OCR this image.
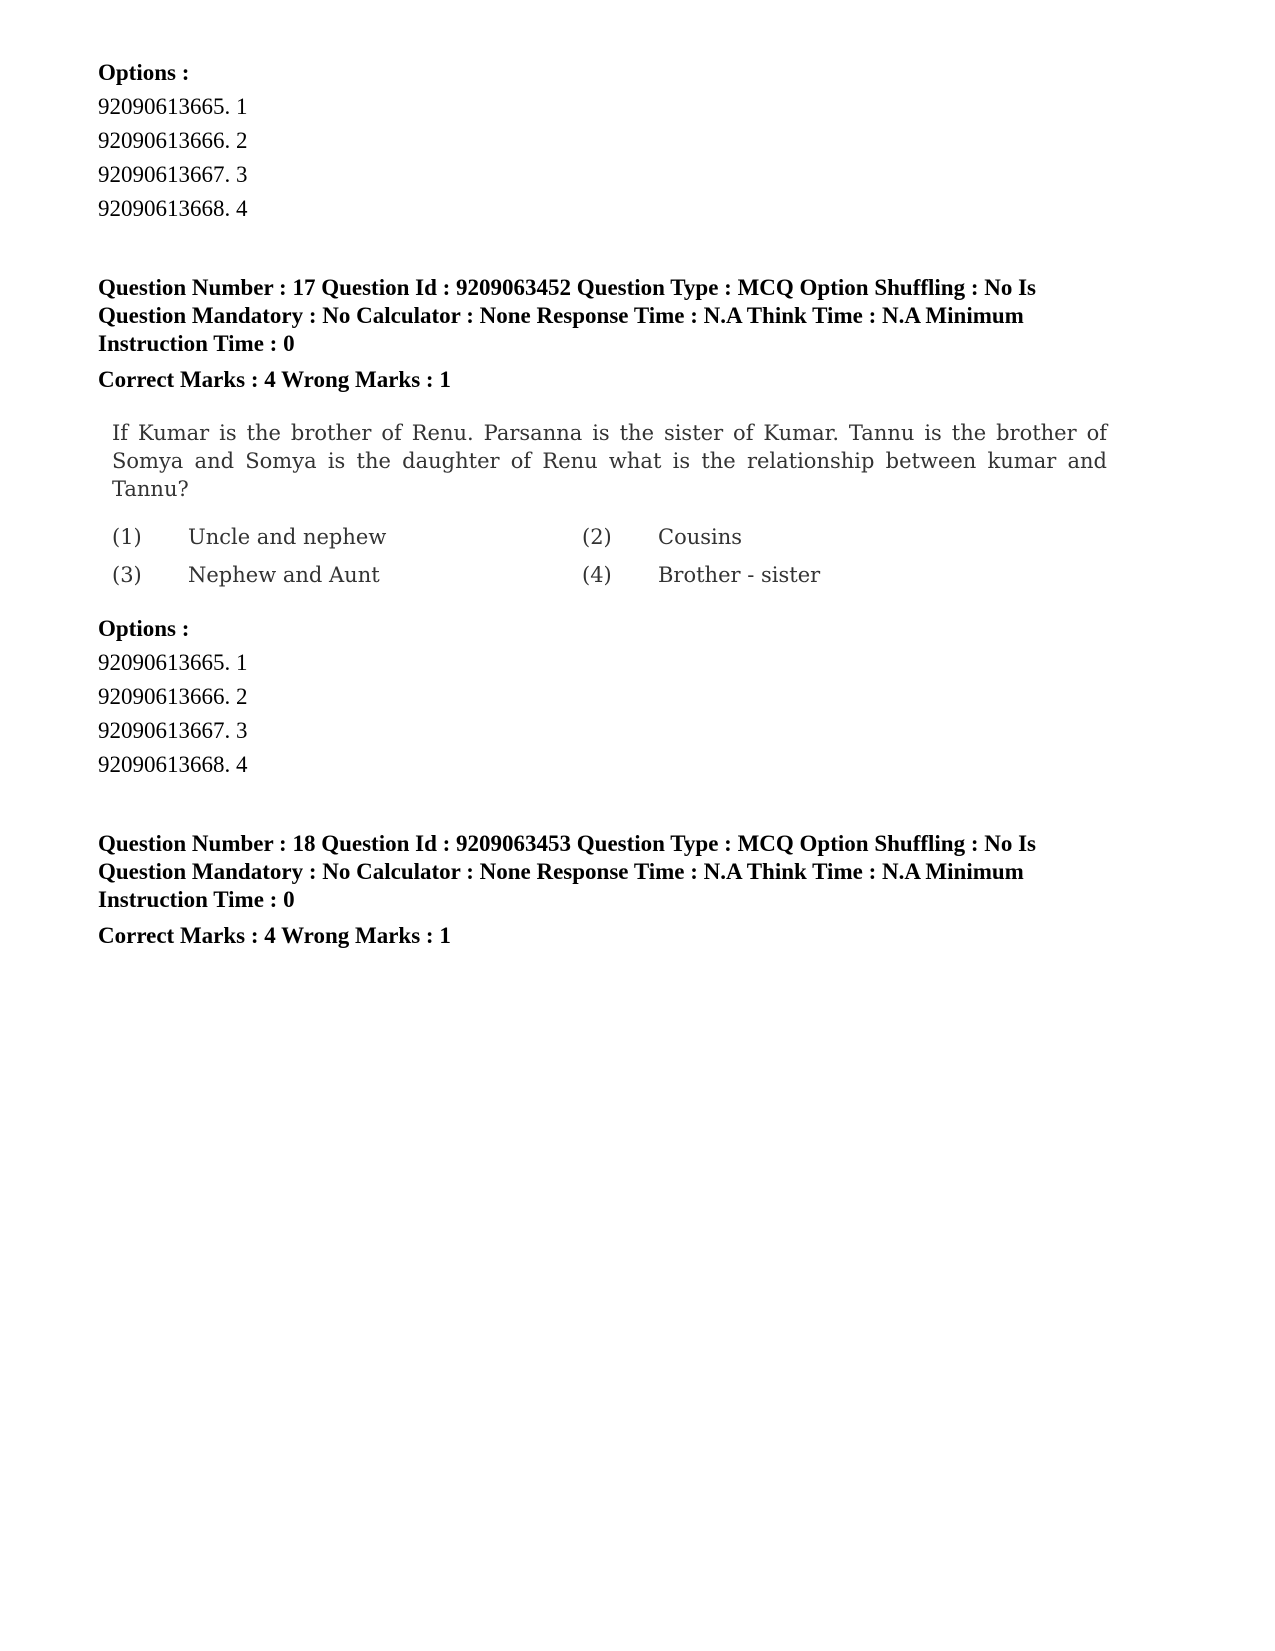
Options :

92090613665. 1

92090613666. 2

92090613667. 3

92090613668. 4

Question Number : 17 Question Id : 9209063452 Question Type : MCQ Option Shuffling : No Is Question Mandatory : No Calculator : None Response Time : N.A Think Time : N.A Minimum Instruction Time : 0

Correct Marks : 4 Wrong Marks : 1

If Kumar is the brother of Renu. Parsanna is the sister of Kumar. Tannu is the brother of Somya and Somya is the daughter of Renu what is the relationship between kumar and Tannu?

(1)	Uncle and nephew	(2)	Cousins
(3)	Nephew and Aunt	(4)	Brother - sister

Options :

92090613665. 1

92090613666. 2

92090613667. 3

92090613668. 4

Question Number : 18 Question Id : 9209063453 Question Type : MCQ Option Shuffling : No Is Question Mandatory : No Calculator : None Response Time : N.A Think Time : N.A Minimum Instruction Time : 0

Correct Marks : 4 Wrong Marks : 1
